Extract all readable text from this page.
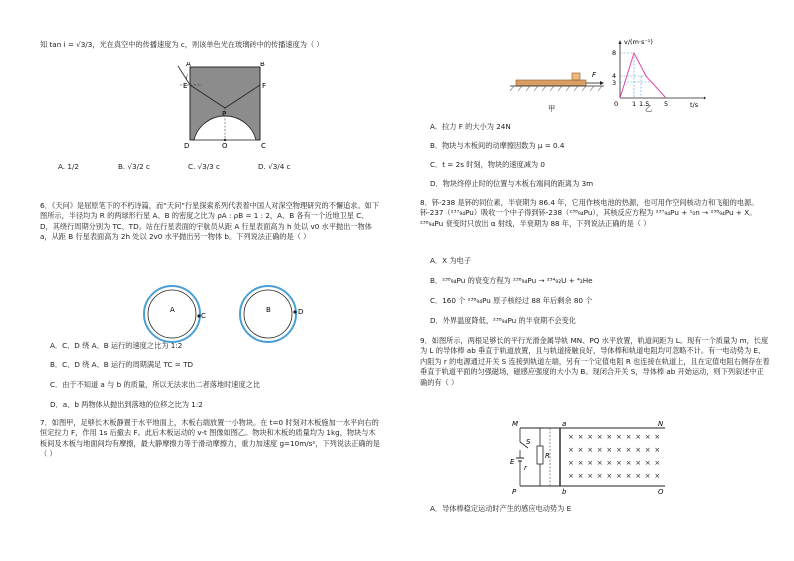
知 tan i = √3/3，光在真空中的传播速度为 c，则该单色光在玻璃砖中的传播速度为（ ）
A	B
D	C
E	F
P
O
i
A. 1/2	B. √3/2 c	C. √3/3 c	D. √3/4 c
6．《天问》是屈原笔下的不朽诗篇，而“天问”行星探索系列代表着中国人对深空物理研究的不懈追求。如下图所示，半径均为 R 的两球形行星 A、B 的密度之比为 ρA : ρB = 1 : 2，A、B 各有一个近地卫星 C、D，其绕行周期分别为 TC、TD。站在行星表面的宇航员从距 A 行星表面高为 h 处以 v0 水平抛出一物体 a，从距 B 行星表面高为 2h 处以 2v0 水平抛出另一物体 b。下列说法正确的是（ ）
A
C
B	D
A．C、D 绕 A、B 运行的速度之比为 1:2
B．C、D 绕 A、B 运行的周期满足 TC = TD
C．由于不知道 a 与 b 的质量，所以无法求出二者落地时速度之比
D．a、b 两物体从抛出到落地的位移之比为 1:2
7．如图甲，足够长木板静置于水平地面上，木板右端放置一小物块。在 t=0 时刻对木板施加一水平向右的恒定拉力 F，作用 1s 后撤去 F。此后木板运动的 v-t 图像如图乙。物块和木板的质量均为 1kg，物块与木板间及木板与地面间均有摩擦，最大静摩擦力等于滑动摩擦力，重力加速度 g=10m/s²，下列说法正确的是（ ）
F
甲
v/(m·s⁻¹)
t/s
8
4
3
0 1 1.5 5
乙
A．拉力 F 的大小为 24N
B．物块与木板间的动摩擦因数为 μ = 0.4
C．t = 2s 时刻，物块的速度减为 0
D．物块终停止时的位置与木板右端间的距离为 3m
8．钚-238 是钚的同位素，半衰期为 86.4 年，它用作核电池的热源，也可用作空间核动力和飞船的电源。钚-237（²³⁷₉₄Pu）吸收一个中子得到钚-238（²³⁸₉₄Pu），其核反应方程为 ²³⁷₉₄Pu + ¹₀n → ²³⁸₉₄Pu + X。²³⁸₉₄Pu 衰变时只放出 α 射线，半衰期为 88 年，下列说法正确的是（ ）
A．X 为电子
B．²³⁸₉₄Pu 的衰变方程为 ²³⁸₉₄Pu → ²³⁴₉₂U + ⁴₂He
C．160 个 ²³⁸₉₄Pu 原子核经过 88 年后剩余 80 个
D．外界温度降低，²³⁸₉₄Pu 的半衰期不会变化
9．如图所示，两根足够长的平行光滑金属导轨 MN、PQ 水平放置，轨道间距为 L。现有一个质量为 m，长度为 L 的导体棒 ab 垂直于轨道放置，且与轨道接触良好，导体棒和轨道电阻均可忽略不计。有一电动势为 E、内阻为 r 的电源通过开关 S 连接到轨道左端，另有一个定值电阻 R 也连接在轨道上，且在定值电阻右侧存在着垂直于轨道平面的匀强磁场，磁感应强度的大小为 B。现闭合开关 S，导体棒 ab 开始运动，则下列叙述中正确的有（ ）
M	N
P	Q
a
b
S
E
R
r
× × × × × × × × × ×
× × × × × × × × × ×
× × × × × × × × × ×
× × × × × × × × × ×
A．导体棒稳定运动时产生的感应电动势为 E
